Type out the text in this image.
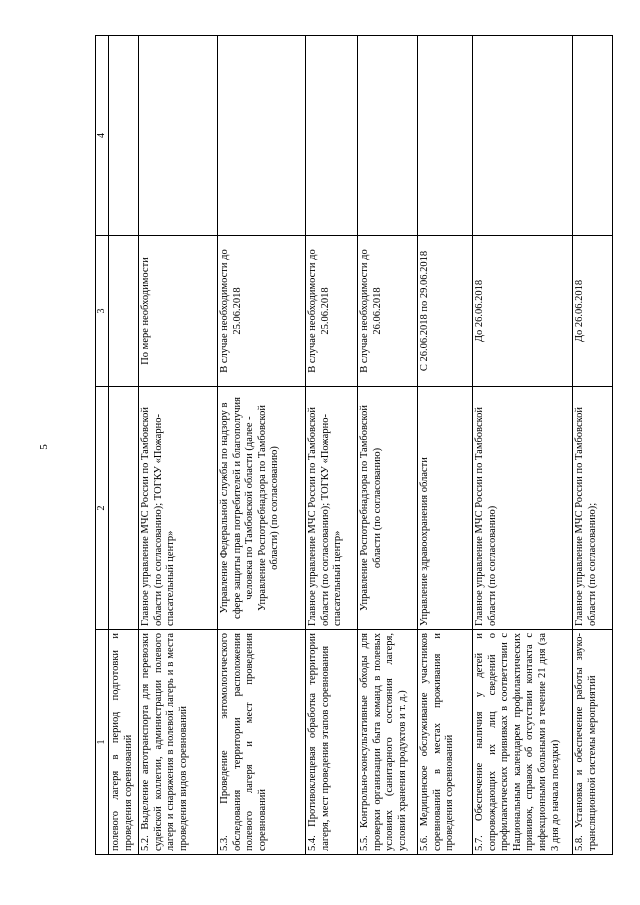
5
1	2	3	4
полевого лагеря в период подготовки и проведения соревнований			
5.2. Выделение автотранспорта для перевозки судейской коллегии, администрации полевого лагеря и снаряжения в полевой лагерь и в места проведения видов соревнований	Главное управление МЧС России по Тамбовской области (по согласованию); ТОГКУ «Пожарно-спасательный центр»	По мере необходимости	
5.3. Проведение энтомологического обследования территории расположения полевого лагеря и мест проведения соревнований	Управление Федеральной службы по надзору в сфере защиты прав потребителей и благополучия человека по Тамбовской области (далее - Управление Роспотребнадзора по Тамбовской области) (по согласованию)	В случае необходимости до 25.06.2018	
5.4. Противоклещевая обработка территории лагеря, мест проведения этапов соревнования	Главное управление МЧС России по Тамбовской области (по согласованию); ТОГКУ «Пожарно-спасательный центр»	В случае необходимости до 25.06.2018	
5.5. Контрольно-консультативные обходы для проверки организации быта команд в полевых условиях (санитарного состояния лагеря, условий хранения продуктов и т. д.)	Управление Роспотребнадзора по Тамбовской области (по согласованию)	В случае необходимости до 26.06.2018	
5.6. Медицинское обслуживание участников соревнований в местах проживания и проведения соревнований	Управление здравоохранения области	С 26.06.2018 по 29.06.2018	
5.7. Обеспечение наличия у детей и сопровождающих их лиц сведений о профилактических прививках в соответствии с Национальным календарем профилактических прививок, справок об отсутствии контакта с инфекционными больными в течение 21 дня (за 3 дня до начала поездки)	Главное управление МЧС России по Тамбовской области (по согласованию)	До 26.06.2018	
5.8. Установка и обеспечение работы звуко-трансляционной системы мероприятий	Главное управление МЧС России по Тамбовской области (по согласованию);	До 26.06.2018	
